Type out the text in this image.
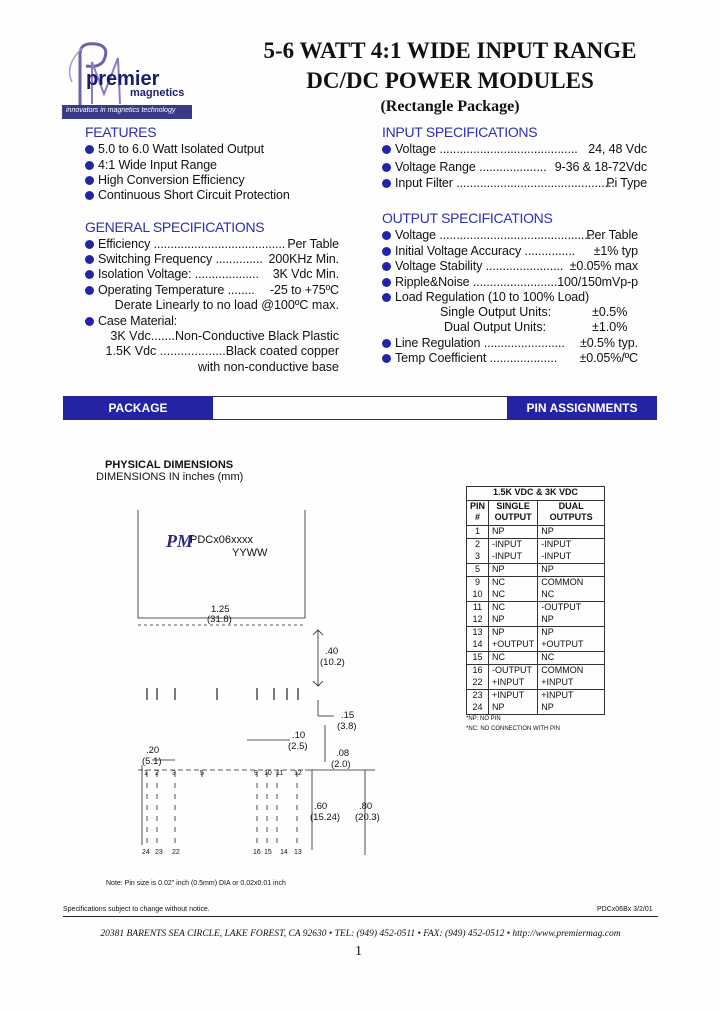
premier
magnetics
innovators in magnetics technology
5-6 WATT 4:1 WIDE INPUT RANGE
DC/DC POWER MODULES
(Rectangle Package)
FEATURES
5.0 to 6.0 Watt Isolated Output
4:1 Wide Input Range
High Conversion Efficiency
Continuous Short Circuit Protection
GENERAL SPECIFICATIONS
Efficiency ....................................... Per Table
Switching Frequency .............. 200KHz Min.
Isolation Voltage: ................... 3K Vdc Min.
Operating Temperature ........ -25 to +75ºC
Derate Linearly to no load @100ºC max.
Case Material:
3K Vdc.......Non-Conductive Black Plastic
1.5K Vdc ...................Black coated copper
with non-conductive base
INPUT SPECIFICATIONS
Voltage ......................................... 24, 48 Vdc
Voltage Range .................... 9-36 & 18-72Vdc
Input Filter ...............................................
Pi Type
OUTPUT SPECIFICATIONS
Voltage ..............................................
Per Table
Initial Voltage Accuracy ............... ±1% typ
Voltage Stability ....................... ±0.05% max
Ripple&Noise ......................... 100/150mVp-p
Load Regulation (10 to 100% Load)
Single Output Units:	±0.5%
Dual Output Units:	±1.0%
Line Regulation ........................ ±0.5% typ.
Temp Coefficient .................... ±0.05%/ºC
PACKAGE	PIN ASSIGNMENTS
PHYSICAL DIMENSIONS
DIMENSIONS IN inches (mm)
PM
PDCx06xxxx
YYWW
1.25
(31.8)
.40
(10.2)
.15
(3.8)
.10
(2.5)
.20
(5.1)
.08
(2.0)
.60
(15.24)
.80
(20.3)
1 2 3	5	9 10 11 12
24 23 22	16 15 14 13
Note: Pin size is 0.02" inch (0.5mm) DIA or 0.02x0.01 inch
1.5K VDC & 3K VDC		
PIN #	SINGLE OUTPUT	DUAL OUTPUTS
1	NP	NP
2	-INPUT	-INPUT
3	-INPUT	-INPUT
5	NP	NP
9	NC	COMMON
10	NC	NC
11	NC	-OUTPUT
12	NP	NP
13	NP	NP
14	+OUTPUT	+OUTPUT
15	NC	NC
16	-OUTPUT	COMMON
22	+INPUT	+INPUT
23	+INPUT	+INPUT
24	NP	NP
*NP: NO PIN
*NC: NO CONNECTION WITH PIN
Specifications subject to change without notice.	PDCx06Bx 3/2/01
20381 BARENTS SEA CIRCLE, LAKE FOREST, CA 92630 • TEL: (949) 452-0511 • FAX: (949) 452-0512 • http://www.premiermag.com
1
